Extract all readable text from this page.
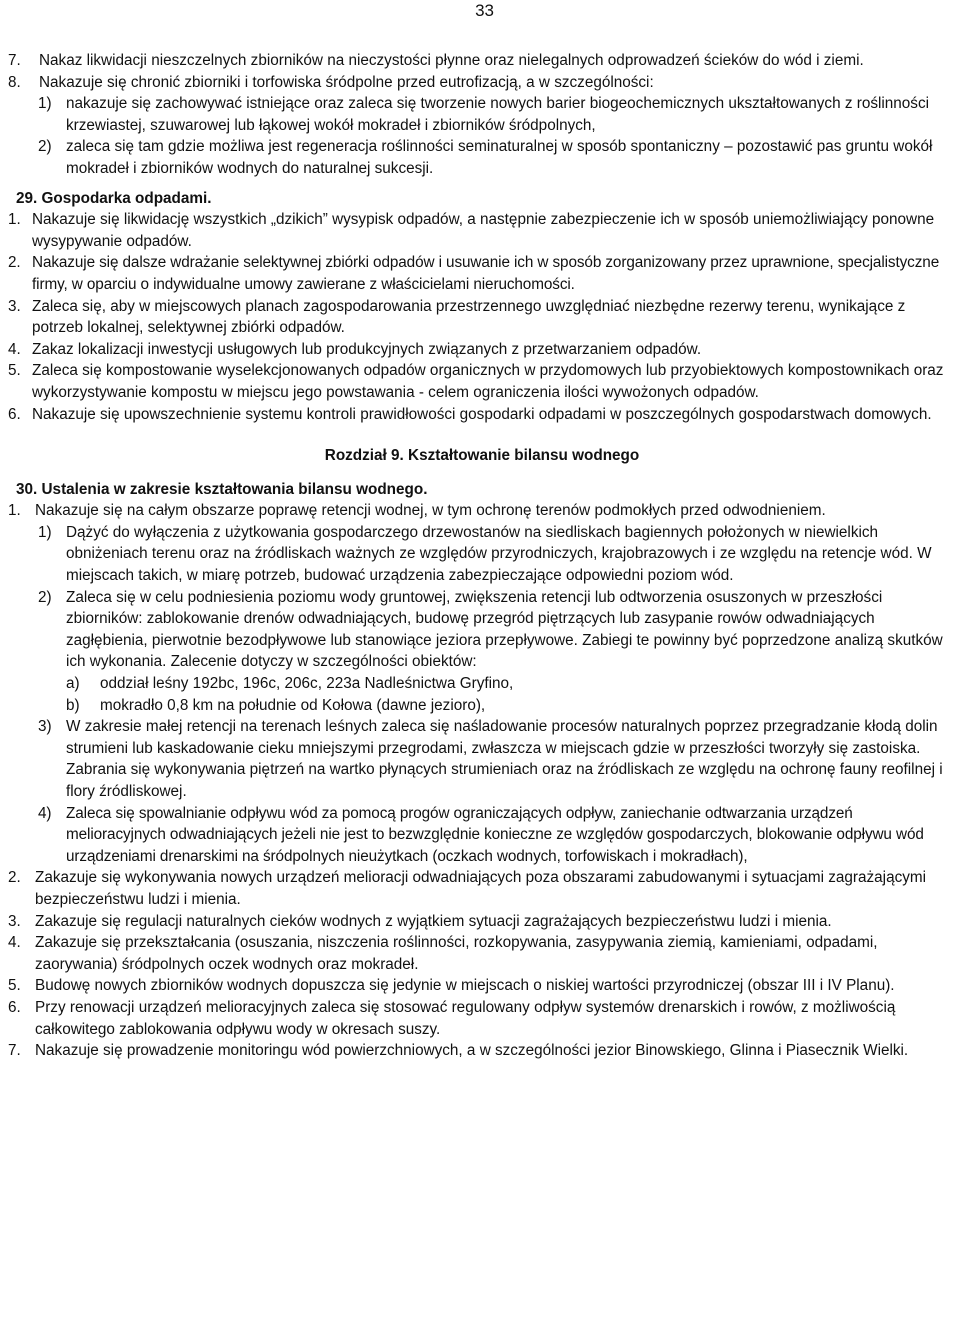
33
7.	Nakaz likwidacji nieszczelnych zbiorników na nieczystości płynne oraz nielegalnych odprowadzeń ścieków do wód i ziemi.
8.	Nakazuje się chronić zbiorniki i torfowiska śródpolne przed eutrofizacją, a w szczególności:
1) nakazuje się zachowywać istniejące oraz zaleca się tworzenie nowych barier biogeochemicznych ukształtowanych z roślinności krzewiastej, szuwarowej lub łąkowej wokół mokradeł i zbiorników śródpolnych,
2) zaleca się tam gdzie możliwa jest regeneracja roślinności seminaturalnej w sposób spontaniczny – pozostawić pas gruntu wokół mokradeł i zbiorników wodnych do naturalnej sukcesji.
29. Gospodarka odpadami.
1. Nakazuje się likwidację wszystkich „dzikich” wysypisk odpadów, a następnie zabezpieczenie ich w sposób uniemożliwiający ponowne wysypywanie odpadów.
2. Nakazuje się dalsze wdrażanie selektywnej zbiórki odpadów i usuwanie ich w sposób zorganizowany przez uprawnione, specjalistyczne firmy, w oparciu o indywidualne umowy zawierane z właścicielami nieruchomości.
3. Zaleca się, aby w miejscowych planach zagospodarowania przestrzennego uwzględniać niezbędne rezerwy terenu, wynikające z potrzeb lokalnej, selektywnej zbiórki odpadów.
4. Zakaz lokalizacji inwestycji usługowych lub produkcyjnych związanych z przetwarzaniem odpadów.
5. Zaleca się kompostowanie wyselekcjonowanych odpadów organicznych w przydomowych lub przyobiektowych kompostownikach oraz wykorzystywanie kompostu w miejscu jego powstawania - celem ograniczenia ilości wywożonych odpadów.
6. Nakazuje się upowszechnienie systemu kontroli prawidłowości gospodarki odpadami w poszczególnych gospodarstwach domowych.
Rozdział 9. Kształtowanie bilansu wodnego
30. Ustalenia w zakresie kształtowania bilansu wodnego.
1. Nakazuje się na całym obszarze poprawę retencji wodnej, w tym ochronę terenów podmokłych przed odwodnieniem.
1) Dążyć do wyłączenia z użytkowania gospodarczego drzewostanów na siedliskach bagiennych położonych w niewielkich obniżeniach terenu oraz na źródliskach ważnych ze względów przyrodniczych, krajobrazowych i ze względu na retencje wód. W miejscach takich, w miarę potrzeb, budować urządzenia zabezpieczające odpowiedni poziom wód.
2) Zaleca się w celu podniesienia poziomu wody gruntowej, zwiększenia retencji lub odtworzenia osuszonych w przeszłości zbiorników: zablokowanie drenów odwadniających, budowę przegród piętrzących lub zasypanie rowów odwadniających zagłębienia, pierwotnie bezodpływowe lub stanowiące jeziora przepływowe. Zabiegi te powinny być poprzedzone analizą skutków ich wykonania. Zalecenie dotyczy w szczególności obiektów:
a)	oddział leśny 192bc, 196c, 206c, 223a Nadleśnictwa Gryfino,
b)	mokradło 0,8 km na południe od Kołowa (dawne jezioro),
3) W zakresie małej retencji na terenach leśnych zaleca się naśladowanie procesów naturalnych poprzez przegradzanie kłodą dolin strumieni lub kaskadowanie cieku mniejszymi przegrodami, zwłaszcza w miejscach gdzie w przeszłości tworzyły się zastoiska. Zabrania się wykonywania piętrzeń na wartko płynących strumieniach oraz na źródliskach ze względu na ochronę fauny reofilnej i flory źródliskowej.
4) Zaleca się spowalnianie odpływu wód za pomocą progów ograniczających odpływ, zaniechanie odtwarzania urządzeń melioracyjnych odwadniających jeżeli nie jest to bezwzględnie konieczne ze względów gospodarczych, blokowanie odpływu wód urządzeniami drenarskimi na śródpolnych nieużytkach (oczkach wodnych, torfowiskach i mokradłach),
2. Zakazuje się wykonywania nowych urządzeń melioracji odwadniających poza obszarami zabudowanymi i sytuacjami zagrażającymi bezpieczeństwu ludzi i mienia.
3. Zakazuje się regulacji naturalnych cieków wodnych z wyjątkiem sytuacji zagrażających bezpieczeństwu ludzi i mienia.
4. Zakazuje się przekształcania (osuszania, niszczenia roślinności, rozkopywania, zasypywania ziemią, kamieniami, odpadami, zaorywania) śródpolnych oczek wodnych oraz mokradeł.
5. Budowę nowych zbiorników wodnych dopuszcza się jedynie w miejscach o niskiej wartości przyrodniczej (obszar III i IV Planu).
6. Przy renowacji urządzeń melioracyjnych zaleca się stosować regulowany odpływ systemów drenarskich i rowów, z możliwością całkowitego zablokowania odpływu wody w okresach suszy.
7. Nakazuje się prowadzenie monitoringu wód powierzchniowych, a w szczególności jezior Binowskiego, Glinna i Piasecznik Wielki.
